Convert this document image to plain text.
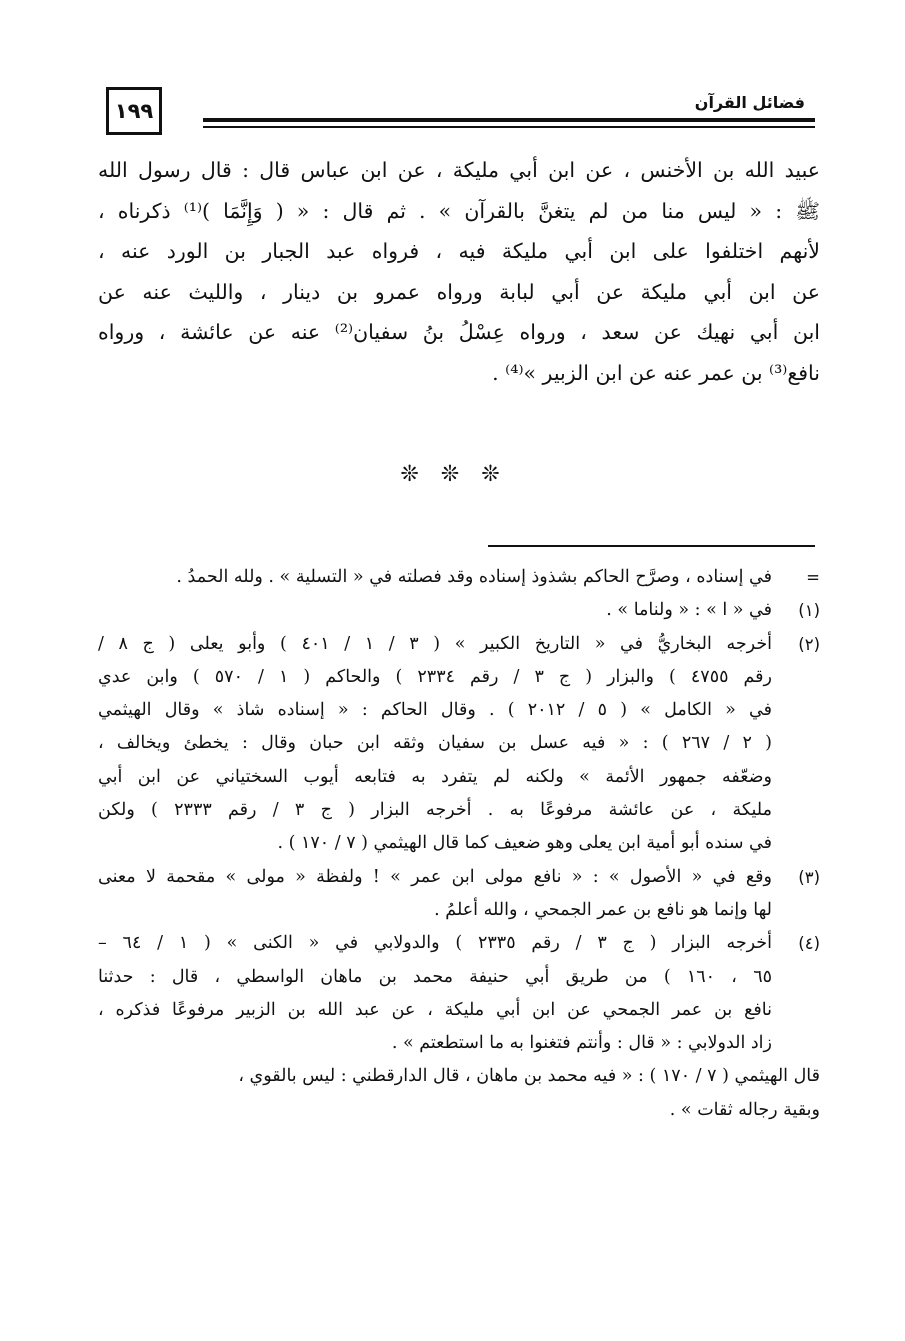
١٩٩	فضائل القرآن
عبيد الله بن الأخنس ، عن ابن أبي مليكة ، عن ابن عباس قال : قال رسول الله
ﷺ : « ليس منا من لم يتغنَّ بالقرآن » . ثم قال : « ( وَإِنَّمَا )⁽¹⁾ ذكرناه ،
لأنهم اختلفوا على ابن أبي مليكة فيه ، فرواه عبد الجبار بن الورد عنه ،
عن ابن أبي مليكة عن أبي لبابة ورواه عمرو بن دينار ، والليث عنه عن
ابن أبي نهيك عن سعد ، ورواه عِسْلُ بنُ سفيان⁽²⁾ عنه عن عائشة ، ورواه
نافع⁽³⁾ بن عمر عنه عن ابن الزبير »⁽⁴⁾ .
❊ ❊ ❊
=
في إسناده ، وصرَّح الحاكم بشذوذ إسناده وقد فصلته في « التسلية » . ولله الحمدُ .
(١)
في « ا » : « ولناما » .
(٢)
أخرجه البخاريُّ في « التاريخ الكبير » ( ٣ / ١ / ٤٠١ ) وأبو يعلى ( ج ٨ /
رقم ٤٧٥٥ ) والبزار ( ج ٣ / رقم ٢٣٣٤ ) والحاكم ( ١ / ٥٧٠ ) وابن عدي
في « الكامل » ( ٥ / ٢٠١٢ ) . وقال الحاكم : « إسناده شاذ » وقال الهيثمي
( ٢ / ٢٦٧ ) : « فيه عسل بن سفيان وثقه ابن حبان وقال : يخطئ ويخالف ،
وضعّفه جمهور الأئمة » ولكنه لم يتفرد به فتابعه أيوب السختياني عن ابن أبي
مليكة ، عن عائشة مرفوعًا به . أخرجه البزار ( ج ٣ / رقم ٢٣٣٣ ) ولكن
في سنده أبو أمية ابن يعلى وهو ضعيف كما قال الهيثمي ( ٧ / ١٧٠ ) .
(٣)
وقع في « الأصول » : « نافع مولى ابن عمر » ! ولفظة « مولى » مقحمة لا معنى
لها وإنما هو نافع بن عمر الجمحي ، والله أعلمُ .
(٤)
أخرجه البزار ( ج ٣ / رقم ٢٣٣٥ ) والدولابي في « الكنى » ( ١ / ٦٤ –
٦٥ ، ١٦٠ ) من طريق أبي حنيفة محمد بن ماهان الواسطي ، قال : حدثنا
نافع بن عمر الجمحي عن ابن أبي مليكة ، عن عبد الله بن الزبير مرفوعًا فذكره ،
زاد الدولابي : « قال : وأنتم فتغنوا به ما استطعتم » .
قال الهيثمي ( ٧ / ١٧٠ ) : « فيه محمد بن ماهان ، قال الدارقطني : ليس بالقوي ،
وبقية رجاله ثقات » .
